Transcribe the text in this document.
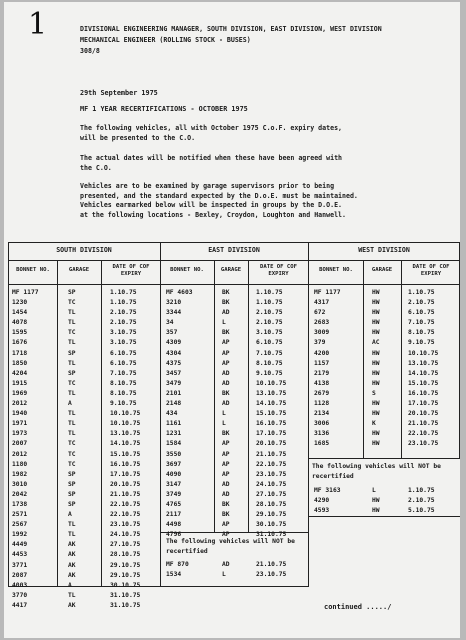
1	DIVISIONAL ENGINEERING MANAGER, SOUTH DIVISION, EAST DIVISION, WEST DIVISION
MECHANICAL ENGINEER (ROLLING STOCK - BUSES)
308/8
29th September 1975
MF 1 YEAR RECERTIFICATIONS - OCTOBER 1975
The following vehicles, all with October 1975 C.o.F. expiry dates,
will be presented to the C.O.
The actual dates will be notified when these have been agreed with
the C.O.
Vehicles are to be examined by garage supervisors prior to being
presented, and the standard expected by the D.o.E. must be maintained.
Vehicles earmarked below will be inspected in groups by the D.O.E.
at the following locations - Bexley, Croydon, Loughton and Hanwell.
SOUTH DIVISION	EAST DIVISION	WEST DIVISION
BONNET NO.	GARAGE	DATE OF COF EXPIRY
BONNET NO.	GARAGE	DATE OF COF EXPIRY
BONNET NO.	GARAGE	DATE OF COF EXPIRY
MF 1177	SP	1.10.75
1230	TC	1.10.75
1454	TL	2.10.75
4078	TL	2.10.75
1595	TC	3.10.75
1676	TL	3.10.75
1718	SP	6.10.75
1850	TL	6.10.75
4204	SP	7.10.75
1915	TC	8.10.75
1969	TL	8.10.75
2012	A	9.10.75
1940	TL	10.10.75
1971	TL	10.10.75
1973	TL	13.10.75
2007	TC	14.10.75
2012	TC	15.10.75
1180	TC	16.10.75
1982	SP	17.10.75
3010	SP	20.10.75
2042	SP	21.10.75
1738	SP	22.10.75
2571	A	22.10.75
2567	TL	23.10.75
1992	TL	24.10.75
4449	AK	27.10.75
4453	AK	28.10.75
3771	AK	29.10.75
2087	AK	29.10.75
4003	A	30.10.75
3770	TL	31.10.75
4417	AK	31.10.75
MF 4603	BK	1.10.75
3210	BK	1.10.75
3344	AD	2.10.75
34	L	2.10.75
357	BK	3.10.75
4309	AP	6.10.75
4304	AP	7.10.75
4375	AP	8.10.75
3457	AD	9.10.75
3479	AD	10.10.75
2101	BK	13.10.75
2148	AD	14.10.75
434	L	15.10.75
1161	L	16.10.75
1231	BK	17.10.75
1584	AP	20.10.75
3550	AP	21.10.75
3697	AP	22.10.75
4090	AP	23.10.75
3147	AD	24.10.75
3749	AD	27.10.75
4765	BK	28.10.75
2117	BK	29.10.75
4498	AP	30.10.75
4796	AP	31.10.75
MF 1177	HW	1.10.75
4317	HW	2.10.75
672	HW	6.10.75
2683	HW	7.10.75
3009	HW	8.10.75
379	AC	9.10.75
4200	HW	10.10.75
1157	HW	13.10.75
2179	HW	14.10.75
4138	HW	15.10.75
2679	S	16.10.75
1128	HW	17.10.75
2134	HW	20.10.75
3006	K	21.10.75
3136	HW	22.10.75
1685	HW	23.10.75
The following vehicles will NOT be recertified
MF 3163	L	1.10.75
4290	HW	2.10.75
4593	HW	5.10.75
The following vehicles will NOT be recertified
MF 870	AD	21.10.75
1534	L	23.10.75
continued ...../
